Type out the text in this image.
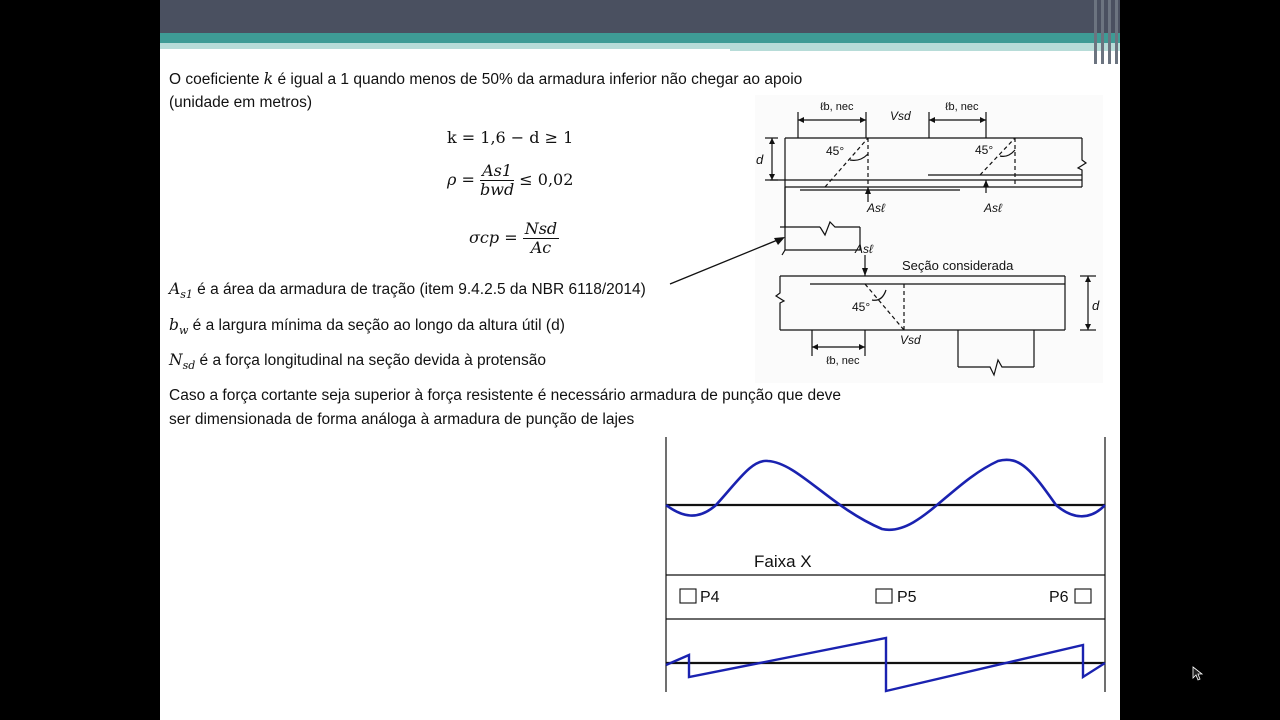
O coeficiente k é igual a 1 quando menos de 50% da armadura inferior não chegar ao apoio
(unidade em metros)
k = 1,6 − d ≥ 1
$\rho = \frac{As1}{\text{bwd}} \le 0,02$
$\sigma cp = \frac{\text{Nsd}}{Ac}$
$A_{s1}$ é a área da armadura de tração (item 9.4.2.5 da NBR 6118/2014)
$b_w$ é a largura mínima da seção ao longo da altura útil (d)
$N_{sd}$ é a força longitudinal na seção devida à protensão
Caso a força cortante seja superior à força resistente é necessário armadura de punção que deve
ser dimensionada de forma análoga à armadura de punção de lajes
ℓb, nec
Vsd
ℓb, nec
d
45°	45°
Asℓ	Asℓ
Asℓ
Seção considerada
45°	d
Vsd
ℓb, nec
Faixa X
P4	P5	P6
